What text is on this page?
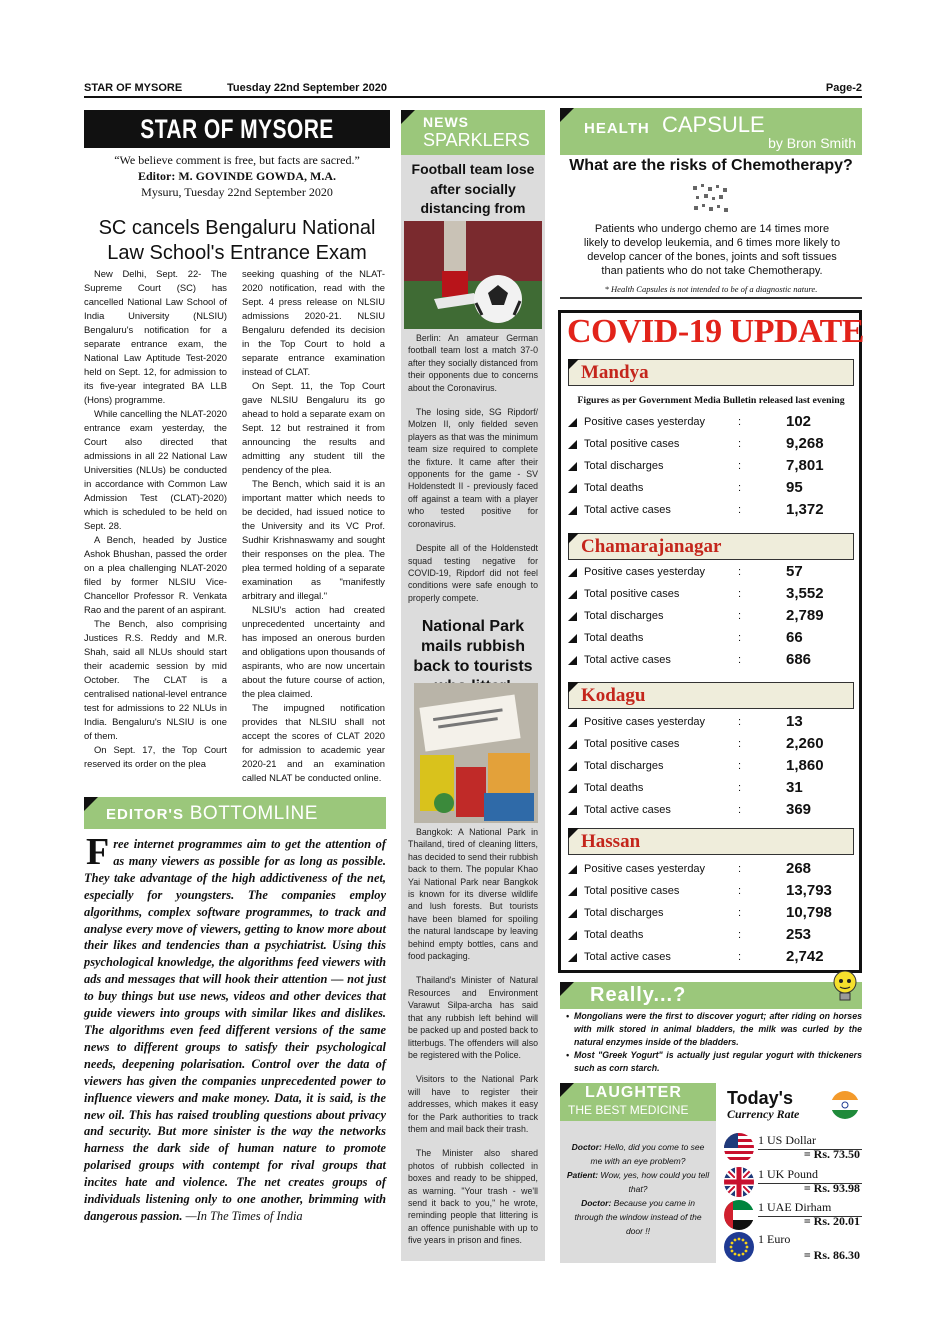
STAR OF MYSORE	Tuesday 22nd September 2020	Page-2
STAR OF MYSORE
“We believe comment is free, but facts are sacred.”
Editor: M. GOVINDE GOWDA, M.A.
Mysuru, Tuesday 22nd September 2020
SC cancels Bengaluru National
Law School's Entrance Exam

New Delhi, Sept. 22- The Supreme Court (SC) has cancelled National Law School of India University (NLSIU) Bengaluru's notification for a separate entrance exam, the National Law Aptitude Test-2020 held on Sept. 12, for admission to its five-year integrated BA LLB (Hons) programme.

While cancelling the NLAT-2020 entrance exam yesterday, the Court also directed that admissions in all 22 National Law Universities (NLUs) be conducted in accordance with Common Law Admission Test (CLAT)-2020) which is scheduled to be held on Sept. 28.

A Bench, headed by Justice Ashok Bhushan, passed the order on a plea challenging NLAT-2020 filed by former NLSIU Vice-Chancellor Professor R. Venkata Rao and the parent of an aspirant.

The Bench, also comprising Justices R.S. Reddy and M.R. Shah, said all NLUs should start their academic session by mid October. The CLAT is a centralised national-level entrance test for admissions to 22 NLUs in India. Bengaluru's NLSIU is one of them.

On Sept. 17, the Top Court reserved its order on the plea

seeking quashing of the NLAT-2020 notification, read with the Sept. 4 press release on NLSIU admissions 2020-21. NLSIU Bengaluru defended its decision in the Top Court to hold a separate entrance examination instead of CLAT.

On Sept. 11, the Top Court gave NLSIU Bengaluru its go ahead to hold a separate exam on Sept. 12 but restrained it from announcing the results and admitting any student till the pendency of the plea.

The Bench, which said it is an important matter which needs to be decided, had issued notice to the University and its VC Prof. Sudhir Krishnaswamy and sought their responses on the plea. The plea termed holding of a separate examination as "manifestly arbitrary and illegal."

NLSIU's action had created unprecedented uncertainty and has imposed an onerous burden and obligations upon thousands of aspirants, who are now uncertain about the future course of action, the plea claimed.

The impugned notification provides that NLSIU shall not accept the scores of CLAT 2020 for admission to academic year 2020-21 and an examination called NLAT be conducted online.

EDITOR'S BOTTOMLINE
Free internet programmes aim to get the attention of as many viewers as possible for as long as possible. They take advantage of the high addictiveness of the net, especially for youngsters. The companies employ algorithms, complex software programmes, to track and analyse every move of viewers, getting to know more about their likes and tendencies than a psychiatrist. Using this psychological knowledge, the algorithms feed viewers with ads and messages that will hook their attention — not just to buy things but use news, videos and other devices that guide viewers into groups with similar likes and dislikes. The algorithms even feed different versions of the same news to different groups to satisfy their psychological needs, deepening polarisation. Control over the data of viewers has given the companies unprecedented power to influence viewers and make money. Data, it is said, is the new oil. This has raised troubling questions about privacy and security. But more sinister is the way the networks harness the dark side of human nature to promote polarised groups with contempt for rival groups that incites hate and violence. The net creates groups of individuals listening only to one another, brimming with dangerous passion. —In The Times of India
NEWS
SPARKLERS
Football team lose after socially distancing from

Berlin: An amateur German football team lost a match 37-0 after they socially distanced from their opponents due to concerns about the Coronavirus.

The losing side, SG Ripdorf/ Molzen II, only fielded seven players as that was the minimum team size required to complete the fixture. It came after their opponents for the game - SV Holdenstedt II - previously faced off against a team with a player who tested positive for coronavirus.

Despite all of the Holdenstedt squad testing negative for COVID-19, Ripdorf did not feel conditions were safe enough to properly compete.

National Park mails rubbish back to tourists

Bangkok: A National Park in Thailand, tired of cleaning litters, has decided to send their rubbish back to them. The popular Khao Yai National Park near Bangkok is known for its diverse wildlife and lush forests. But tourists have been blamed for spoiling the natural landscape by leaving behind empty bottles, cans and food packaging.

Thailand's Minister of Natural Resources and Environment Varawut Silpa-archa has said that any rubbish left behind will be packed up and posted back to litterbugs. The offenders will also be registered with the Police.

Visitors to the National Park will have to register their addresses, which makes it easy for the Park authorities to track them and mail back their trash.

The Minister also shared photos of rubbish collected in boxes and ready to be shipped, as warning. "Your trash - we'll send it back to you," he wrote, reminding people that littering is an offence punishable with up to five years in prison and fines.

HEALTH CAPSULE
by Bron Smith
What are the risks of Chemotherapy?
Patients who undergo chemo are 14 times more likely to develop leukemia, and 6 times more likely to develop cancer of the bones, joints and soft tissues than patients who do not take Chemotherapy.
* Health Capsules is not intended to be of a diagnostic nature.
COVID-19 UPDATE
Mandya
Figures as per Government Media Bulletin released last evening
Positive cases yesterday	:	102
Total positive cases	:	9,268
Total discharges	:	7,801
Total deaths	:	95
Total active cases	:	1,372
Chamarajanagar
Positive cases yesterday	:	57
Total positive cases	:	3,552
Total discharges	:	2,789
Total deaths	:	66
Total active cases	:	686
Kodagu
Positive cases yesterday	:	13
Total positive cases	:	2,260
Total discharges	:	1,860
Total deaths	:	31
Total active cases	:	369
Hassan
Positive cases yesterday	:	268
Total positive cases	:	13,793
Total discharges	:	10,798
Total deaths	:	253
Total active cases	:	2,742
Really...?
• Mongolians were the first to discover yogurt; after riding on horses with milk stored in animal bladders, the milk was curled by the natural enzymes inside of the bladders.
• Most "Greek Yogurt" is actually just regular yogurt with thickeners such as corn starch.
LAUGHTER
THE BEST MEDICINE
Doctor: Hello, did you come to see me with an eye problem?
Patient: Wow, yes, how could you tell that?
Doctor: Because you came in through the window instead of the door !!
Today's
Currency Rate
1 US Dollar
= Rs. 73.50
1 UK Pound
= Rs. 93.98
1 UAE Dirham
= Rs. 20.01
1 Euro
= Rs. 86.30
